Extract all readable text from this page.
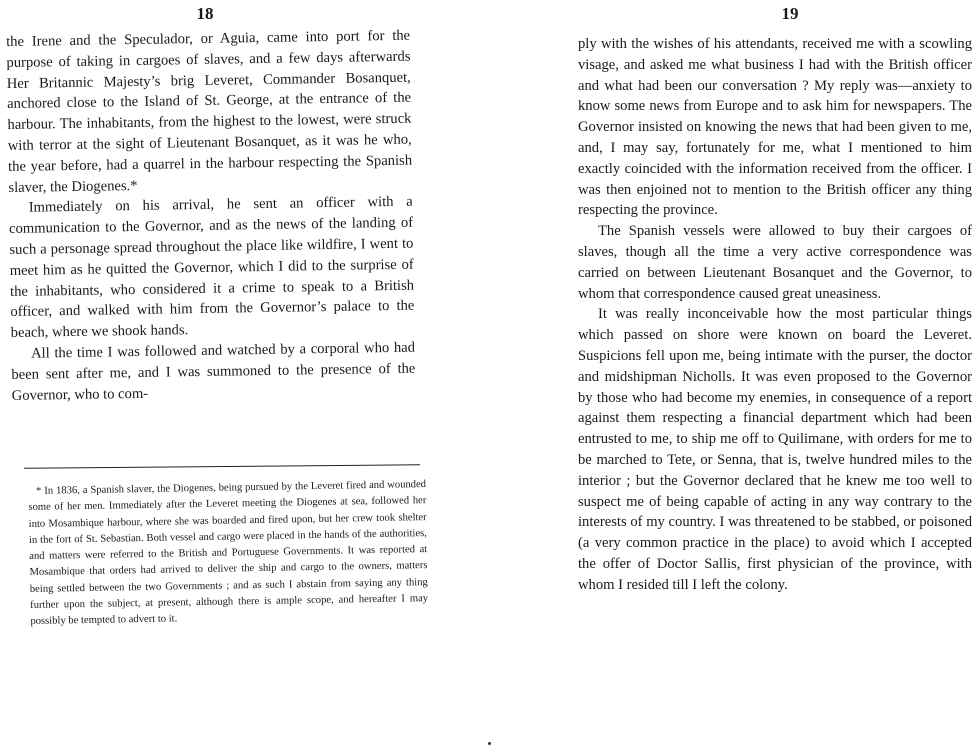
18

the Irene and the Speculador, or Aguia, came into port for the purpose of taking in cargoes of slaves, and a few days afterwards Her Britannic Majesty’s brig Leveret, Commander Bosanquet, anchored close to the Island of St. George, at the entrance of the harbour. The inhabitants, from the highest to the lowest, were struck with terror at the sight of Lieutenant Bosanquet, as it was he who, the year before, had a quarrel in the harbour respecting the Spanish slaver, the Diogenes.*

Immediately on his arrival, he sent an officer with a communication to the Governor, and as the news of the landing of such a personage spread throughout the place like wildfire, I went to meet him as he quitted the Governor, which I did to the surprise of the inhabitants, who considered it a crime to speak to a British officer, and walked with him from the Governor’s palace to the beach, where we shook hands.

All the time I was followed and watched by a corporal who had been sent after me, and I was summoned to the presence of the Governor, who to com-

* In 1836, a Spanish slaver, the Diogenes, being pursued by the Leveret fired and wounded some of her men. Immediately after the Leveret meeting the Diogenes at sea, followed her into Mosambique harbour, where she was boarded and fired upon, but her crew took shelter in the fort of St. Sebastian. Both vessel and cargo were placed in the hands of the authorities, and matters were referred to the British and Portuguese Governments. It was reported at Mosambique that orders had arrived to deliver the ship and cargo to the owners, matters being settled between the two Governments ; and as such I abstain from saying any thing further upon the subject, at present, although there is ample scope, and hereafter I may possibly be tempted to advert to it.

19

ply with the wishes of his attendants, received me with a scowling visage, and asked me what business I had with the British officer and what had been our conversation ? My reply was—anxiety to know some news from Europe and to ask him for newspapers. The Governor insisted on knowing the news that had been given to me, and, I may say, fortunately for me, what I mentioned to him exactly coincided with the information received from the officer. I was then enjoined not to mention to the British officer any thing respecting the province.

The Spanish vessels were allowed to buy their cargoes of slaves, though all the time a very active correspondence was carried on between Lieutenant Bosanquet and the Governor, to whom that correspondence caused great uneasiness.

It was really inconceivable how the most particular things which passed on shore were known on board the Leveret. Suspicions fell upon me, being intimate with the purser, the doctor and midshipman Nicholls. It was even proposed to the Governor by those who had become my enemies, in consequence of a report against them respecting a financial department which had been entrusted to me, to ship me off to Quilimane, with orders for me to be marched to Tete, or Senna, that is, twelve hundred miles to the interior ; but the Governor declared that he knew me too well to suspect me of being capable of acting in any way contrary to the interests of my country. I was threatened to be stabbed, or poisoned (a very common practice in the place) to avoid which I accepted the offer of Doctor Sallis, first physician of the province, with whom I resided till I left the colony.
